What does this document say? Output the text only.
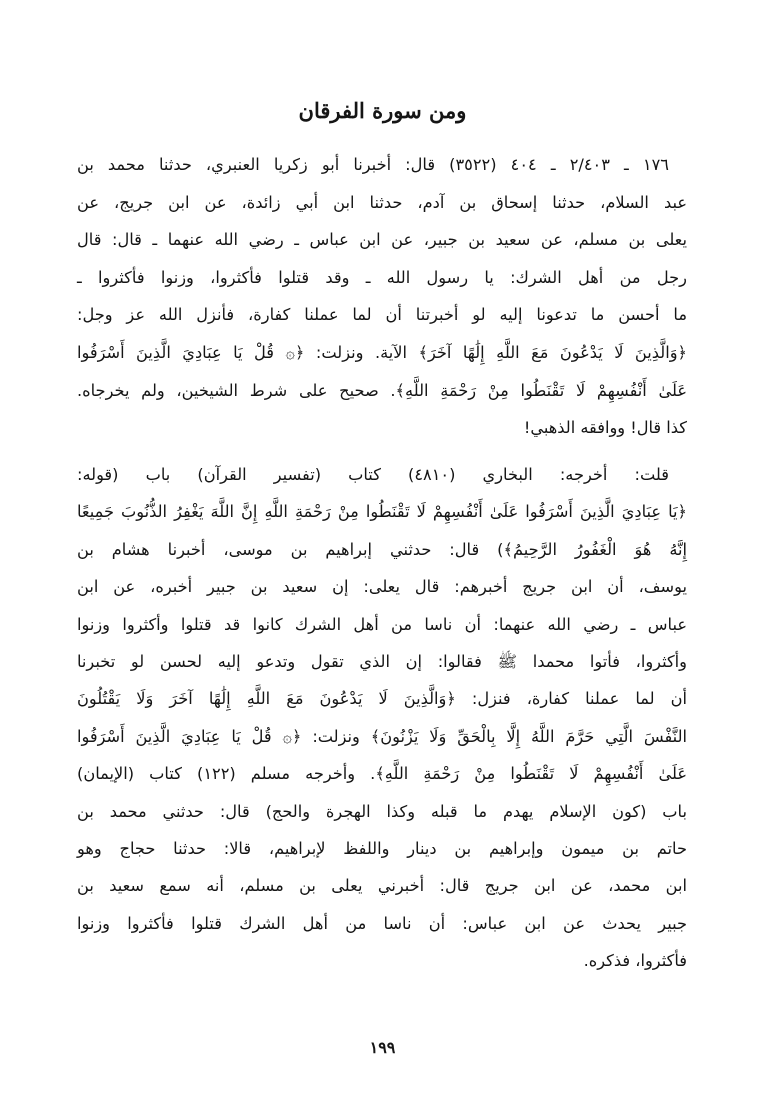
ومن سورة الفرقان
١٧٦ ـ ٢/٤٠٣ ـ ٤٠٤ (٣٥٢٢) قال: أخبرنا أبو زكريا العنبري، حدثنا محمد بن
عبد السلام، حدثنا إسحاق بن آدم، حدثنا ابن أبي زائدة، عن ابن جريج، عن
يعلى بن مسلم، عن سعيد بن جبير، عن ابن عباس ـ رضي الله عنهما ـ قال: قال
رجل من أهل الشرك: يا رسول الله ـ وقد قتلوا فأكثروا، وزنوا فأكثروا ـ
ما أحسن ما تدعونا إليه لو أخبرتنا أن لما عملنا كفارة، فأنزل الله عز وجل:
﴿وَالَّذِينَ لَا يَدْعُونَ مَعَ اللَّهِ إِلَٰهًا آخَرَ﴾ الآية. ونزلت: ﴿۞ قُلْ يَا عِبَادِيَ الَّذِينَ أَسْرَفُوا
عَلَىٰ أَنْفُسِهِمْ لَا تَقْنَطُوا مِنْ رَحْمَةِ اللَّهِ﴾. صحيح على شرط الشيخين، ولم يخرجاه.
كذا قال! ووافقه الذهبي!
قلت: أخرجه: البخاري (٤٨١٠) كتاب (تفسير القرآن) باب (قوله:
﴿يَا عِبَادِيَ الَّذِينَ أَسْرَفُوا عَلَىٰ أَنْفُسِهِمْ لَا تَقْنَطُوا مِنْ رَحْمَةِ اللَّهِ إِنَّ اللَّهَ يَغْفِرُ الذُّنُوبَ جَمِيعًا
إِنَّهُ هُوَ الْغَفُورُ الرَّحِيمُ﴾) قال: حدثني إبراهيم بن موسى، أخبرنا هشام بن
يوسف، أن ابن جريج أخبرهم: قال يعلى: إن سعيد بن جبير أخبره، عن ابن
عباس ـ رضي الله عنهما: أن ناسا من أهل الشرك كانوا قد قتلوا وأكثروا وزنوا
وأكثروا، فأتوا محمدا ﷺ فقالوا: إن الذي تقول وتدعو إليه لحسن لو تخبرنا
أن لما عملنا كفارة، فنزل: ﴿وَالَّذِينَ لَا يَدْعُونَ مَعَ اللَّهِ إِلَٰهًا آخَرَ وَلَا يَقْتُلُونَ
النَّفْسَ الَّتِي حَرَّمَ اللَّهُ إِلَّا بِالْحَقِّ وَلَا يَزْنُونَ﴾ ونزلت: ﴿۞ قُلْ يَا عِبَادِيَ الَّذِينَ أَسْرَفُوا
عَلَىٰ أَنْفُسِهِمْ لَا تَقْنَطُوا مِنْ رَحْمَةِ اللَّهِ﴾. وأخرجه مسلم (١٢٢) كتاب (الإيمان)
باب (كون الإسلام يهدم ما قبله وكذا الهجرة والحج) قال: حدثني محمد بن
حاتم بن ميمون وإبراهيم بن دينار واللفظ لإبراهيم، قالا: حدثنا حجاج وهو
ابن محمد، عن ابن جريج قال: أخبرني يعلى بن مسلم، أنه سمع سعيد بن
جبير يحدث عن ابن عباس: أن ناسا من أهل الشرك قتلوا فأكثروا وزنوا
فأكثروا، فذكره.
١٩٩
